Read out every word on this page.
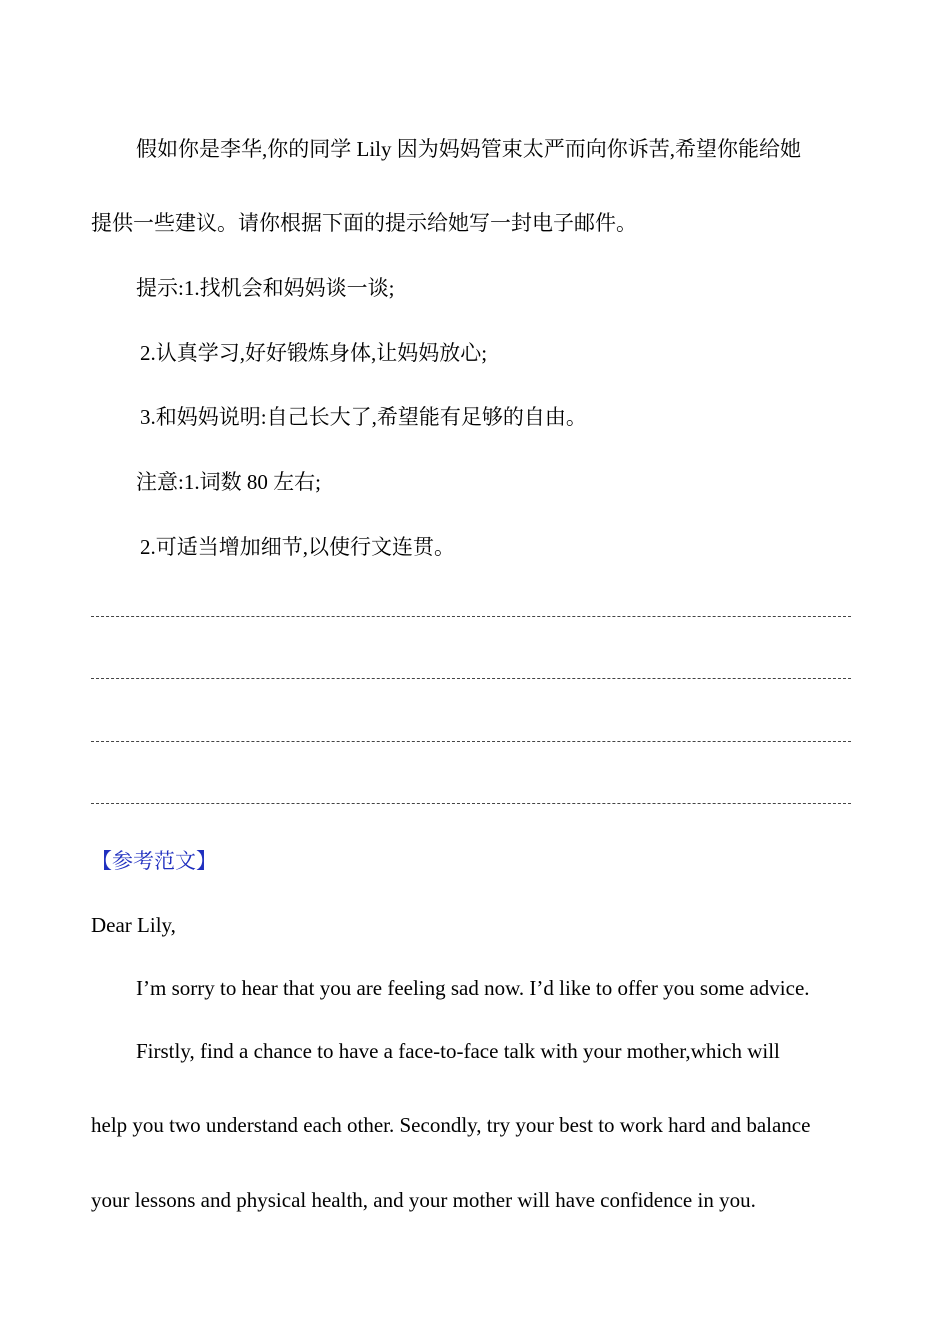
假如你是李华,你的同学 Lily 因为妈妈管束太严而向你诉苦,希望你能给她
提供一些建议。请你根据下面的提示给她写一封电子邮件。
提示:1.找机会和妈妈谈一谈;
2.认真学习,好好锻炼身体,让妈妈放心;
3.和妈妈说明:自己长大了,希望能有足够的自由。
注意:1.词数 80 左右;
2.可适当增加细节,以使行文连贯。
【参考范文】
Dear Lily,
I’m sorry to hear that you are feeling sad now. I’d like to offer you some advice.
Firstly, find a chance to have a face-to-face talk with your mother,which will
help you two understand each other. Secondly, try your best to work hard and balance
your lessons and physical health, and your mother will have confidence in you.
